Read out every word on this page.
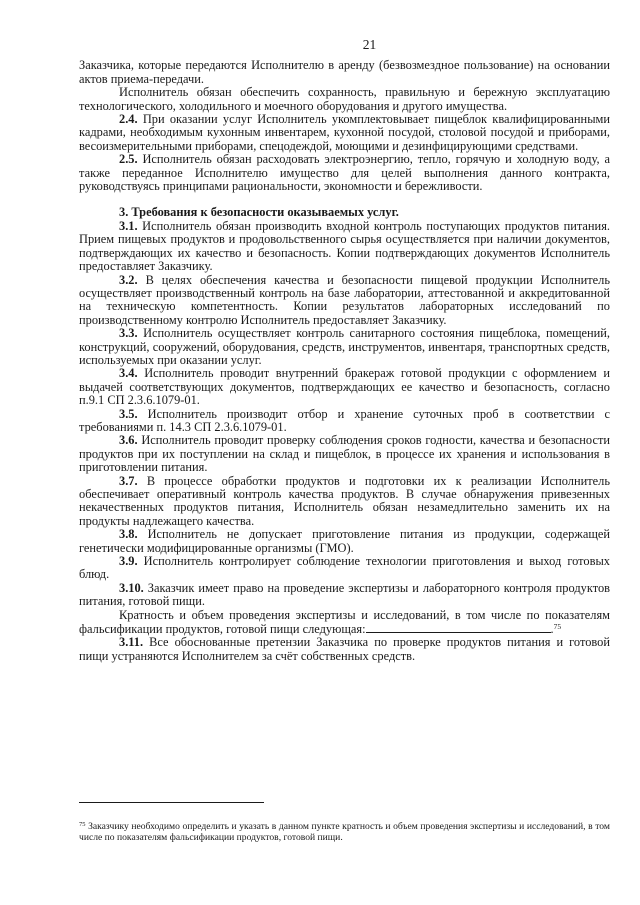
21

Заказчика, которые передаются Исполнителю в аренду (безвозмездное пользование) на основании актов приема-передачи.

Исполнитель обязан обеспечить сохранность, правильную и бережную эксплуатацию технологического, холодильного и моечного оборудования и другого имущества.

2.4. При оказании услуг Исполнитель укомплектовывает пищеблок квалифицированными кадрами, необходимым кухонным инвентарем, кухонной посудой, столовой посудой и приборами, весоизмерительными приборами, спецодеждой, моющими и дезинфицирующими средствами.

2.5. Исполнитель обязан расходовать электроэнергию, тепло, горячую и холодную воду, а также переданное Исполнителю имущество для целей выполнения данного контракта, руководствуясь принципами рациональности, экономности и бережливости.

3. Требования к безопасности оказываемых услуг.

3.1. Исполнитель обязан производить входной контроль поступающих продуктов питания. Прием пищевых продуктов и продовольственного сырья осуществляется при наличии документов, подтверждающих их качество и безопасность. Копии подтверждающих документов Исполнитель предоставляет Заказчику.

3.2. В целях обеспечения качества и безопасности пищевой продукции Исполнитель осуществляет производственный контроль на базе лаборатории, аттестованной и аккредитованной на техническую компетентность. Копии результатов лабораторных исследований по производственному контролю Исполнитель предоставляет Заказчику.

3.3. Исполнитель осуществляет контроль санитарного состояния пищеблока, помещений, конструкций, сооружений, оборудования, средств, инструментов, инвентаря, транспортных средств, используемых при оказании услуг.

3.4. Исполнитель проводит внутренний бракераж готовой продукции с оформлением и выдачей соответствующих документов, подтверждающих ее качество и безопасность, согласно п.9.1 СП 2.3.6.1079-01.

3.5. Исполнитель производит отбор и хранение суточных проб в соответствии с требованиями п. 14.3 СП 2.3.6.1079-01.

3.6. Исполнитель проводит проверку соблюдения сроков годности, качества и безопасности продуктов при их поступлении на склад и пищеблок, в процессе их хранения и использования в приготовлении питания.

3.7. В процессе обработки продуктов и подготовки их к реализации Исполнитель обеспечивает оперативный контроль качества продуктов. В случае обнаружения привезенных некачественных продуктов питания, Исполнитель обязан незамедлительно заменить их на продукты надлежащего качества.

3.8. Исполнитель не допускает приготовление питания из продукции, содержащей генетически модифицированные организмы (ГМО).

3.9. Исполнитель контролирует соблюдение технологии приготовления и выход готовых блюд.

3.10. Заказчик имеет право на проведение экспертизы и лабораторного контроля продуктов питания, готовой пищи.

Кратность и объем проведения экспертизы и исследований, в том числе по показателям фальсификации продуктов, готовой пищи следующая:	.$^{75}$

3.11. Все обоснованные претензии Заказчика по проверке продуктов питания и готовой пищи устраняются Исполнителем за счёт собственных средств.

$^{75}$ Заказчику необходимо определить и указать в данном пункте кратность и объем проведения экспертизы и исследований, в том числе по показателям фальсификации продуктов, готовой пищи.
